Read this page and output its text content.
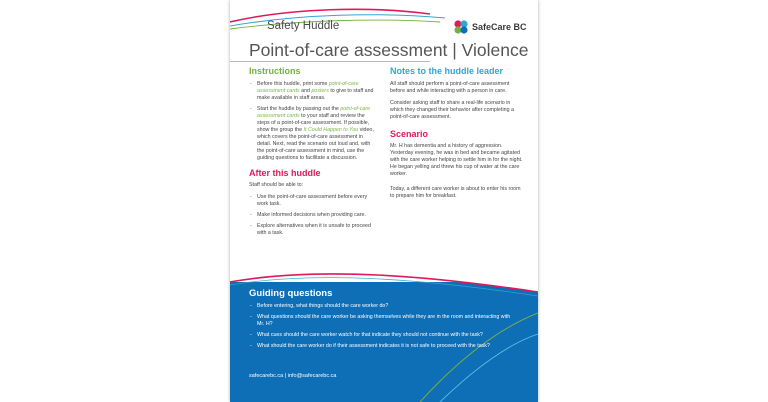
Safety Huddle	SafeCare BC
Point-of-care assessment | Violence
Instructions
- Before this huddle, print some point-of-care assessment cards and posters to give to staff and make available in staff areas.
- Start the huddle by passing out the point-of-care assessment cards to your staff and review the steps of a point-of-care assessment. If possible, show the group the It Could Happen to You video, which covers the point-of-care assessment in detail. Next, read the scenario out loud and, with the point-of-care assessment in mind, use the guiding questions to facilitate a discussion.
After this huddle
Staff should be able to:
- Use the point-of-care assessment before every work task.
- Make informed decisions when providing care.
- Explore alternatives when it is unsafe to proceed with a task.
Notes to the huddle leader
All staff should perform a point-of-care assessment before and while interacting with a person in care.
Consider asking staff to share a real-life scenario in which they changed their behavior after completing a point-of-care assessment.
Scenario
Mr. H has dementia and a history of aggression. Yesterday evening, he was in bed and became agitated with the care worker helping to settle him in for the night. He began yelling and threw his cup of water at the care worker.
Today, a different care worker is about to enter his room to prepare him for breakfast.
Guiding questions
- Before entering, what things should the care worker do?
- What questions should the care worker be asking themselves while they are in the room and interacting with Mr. H?
- What cues should the care worker watch for that indicate they should not continue with the task?
- What should the care worker do if their assessment indicates it is not safe to proceed with the task?
safecarebc.ca | info@safecarebc.ca
